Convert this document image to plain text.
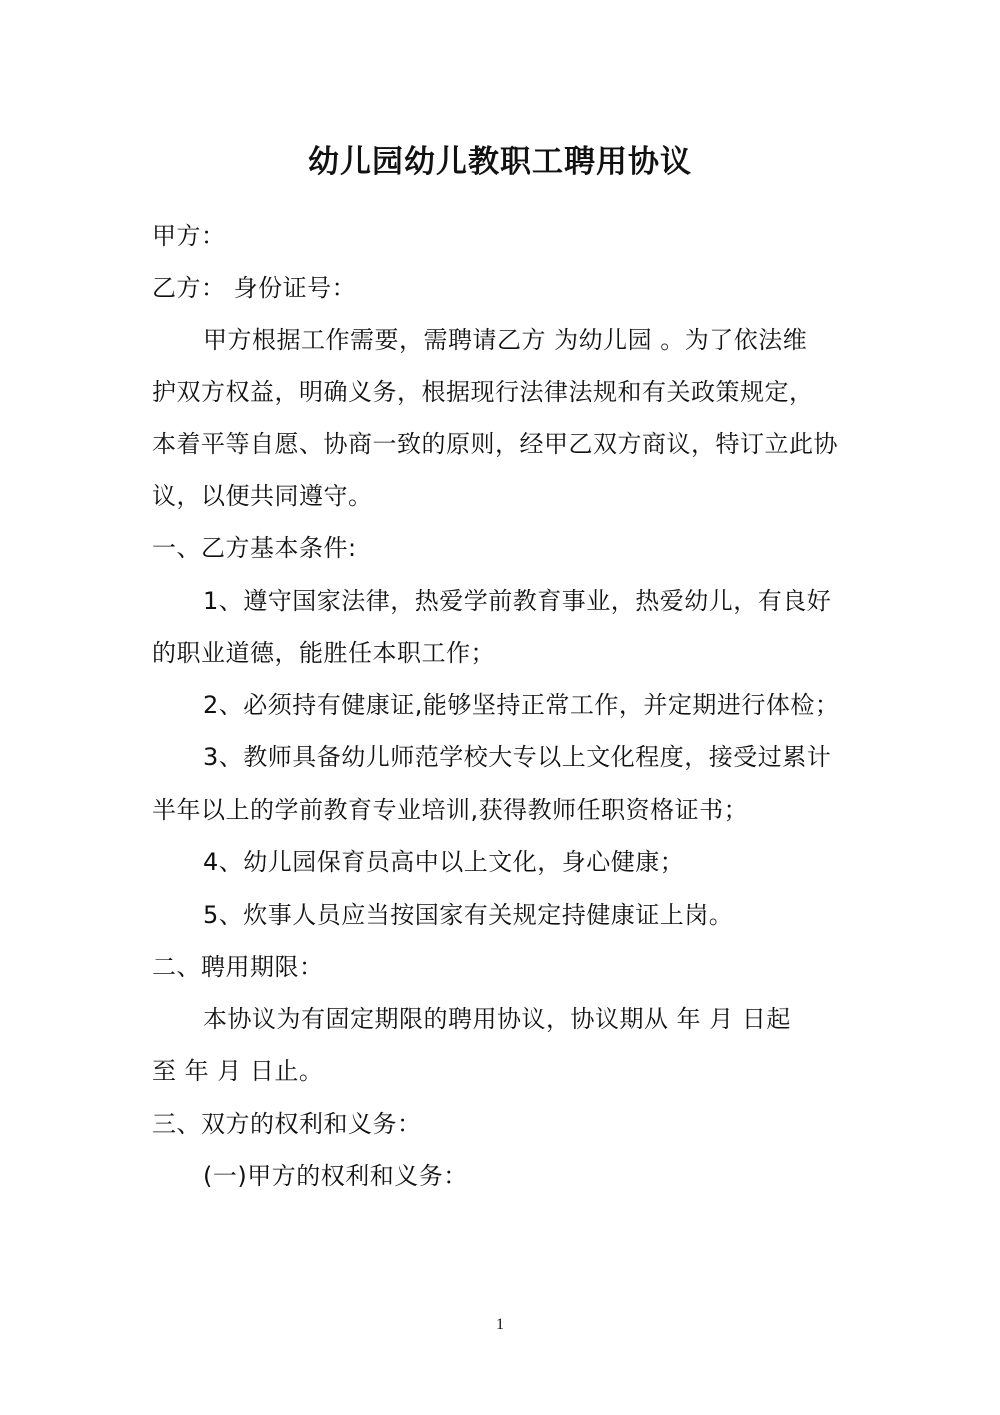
幼儿园幼儿教职工聘用协议
甲方：
乙方： 身份证号：
甲方根据工作需要，需聘请乙方 为幼儿园 。为了依法维
护双方权益，明确义务，根据现行法律法规和有关政策规定，
本着平等自愿、协商一致的原则，经甲乙双方商议，特订立此协
议，以便共同遵守。
一、乙方基本条件:
1、遵守国家法律，热爱学前教育事业，热爱幼儿，有良好
的职业道德，能胜任本职工作；
2、必须持有健康证,能够坚持正常工作，并定期进行体检；
3、教师具备幼儿师范学校大专以上文化程度，接受过累计
半年以上的学前教育专业培训,获得教师任职资格证书；
4、幼儿园保育员高中以上文化，身心健康；
5、炊事人员应当按国家有关规定持健康证上岗。
二、聘用期限：
本协议为有固定期限的聘用协议，协议期从 年 月 日起
至 年 月 日止。
三、双方的权利和义务：
(一)甲方的权利和义务：
1
